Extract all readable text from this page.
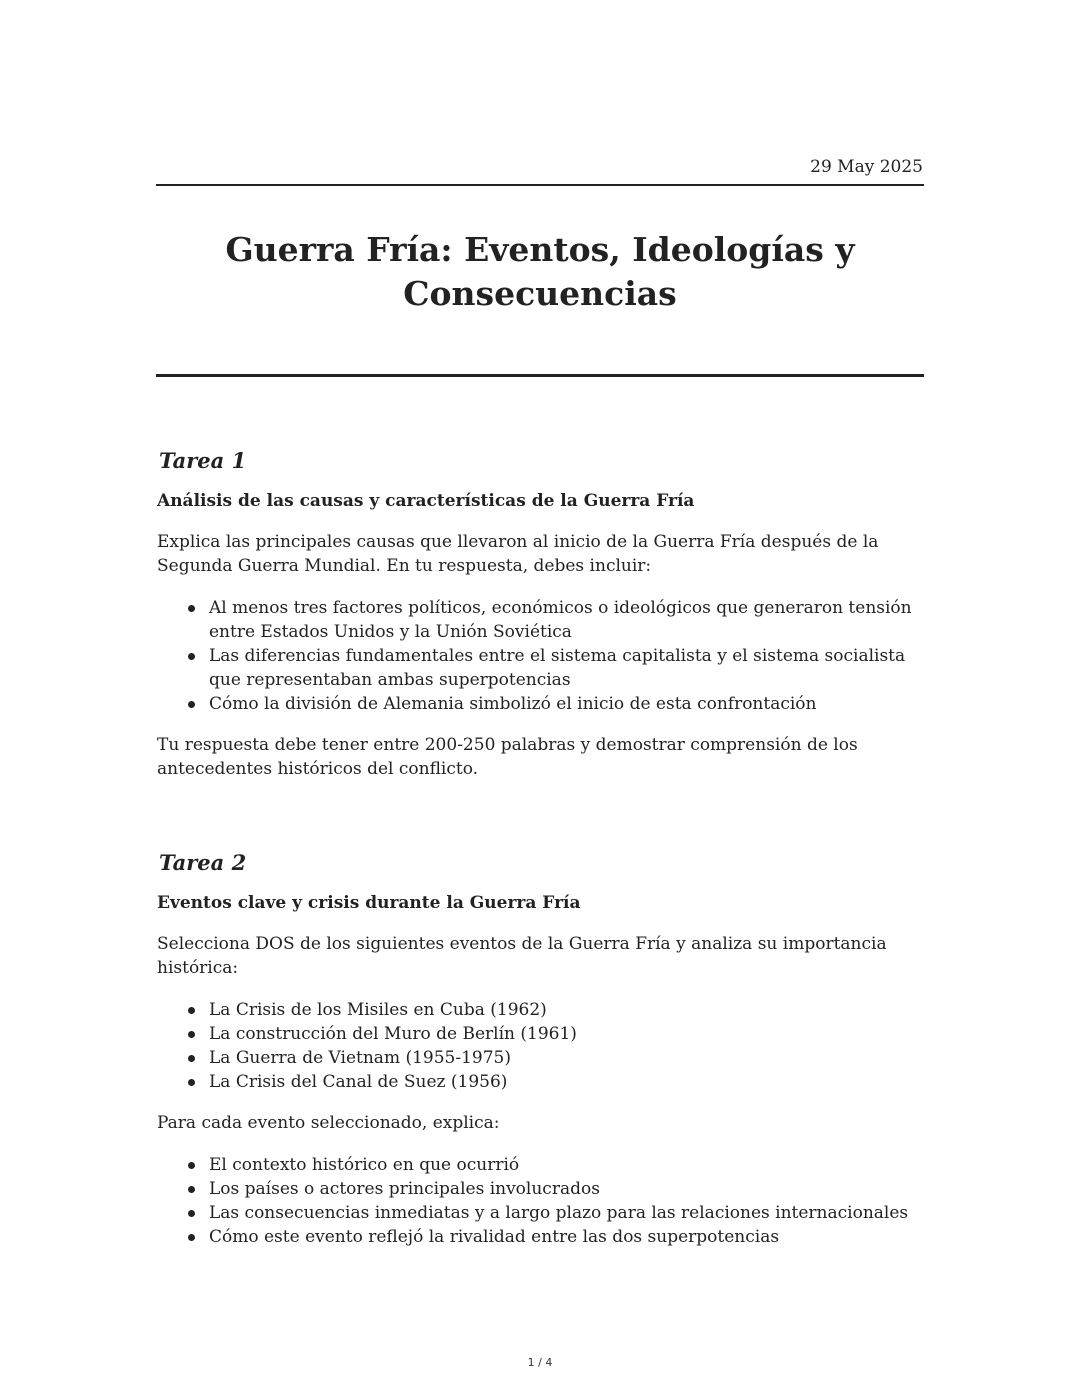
29 May 2025
Guerra Fría: Eventos, Ideologías y Consecuencias
Tarea 1
Análisis de las causas y características de la Guerra Fría

Explica las principales causas que llevaron al inicio de la Guerra Fría después de la Segunda Guerra Mundial. En tu respuesta, debes incluir:

Al menos tres factores políticos, económicos o ideológicos que generaron tensión entre Estados Unidos y la Unión Soviética
Las diferencias fundamentales entre el sistema capitalista y el sistema socialista que representaban ambas superpotencias
Cómo la división de Alemania simbolizó el inicio de esta confrontación

Tu respuesta debe tener entre 200-250 palabras y demostrar comprensión de los antecedentes históricos del conflicto.

Tarea 2
Eventos clave y crisis durante la Guerra Fría

Selecciona DOS de los siguientes eventos de la Guerra Fría y analiza su importancia histórica:

La Crisis de los Misiles en Cuba (1962)
La construcción del Muro de Berlín (1961)
La Guerra de Vietnam (1955-1975)
La Crisis del Canal de Suez (1956)

Para cada evento seleccionado, explica:

El contexto histórico en que ocurrió
Los países o actores principales involucrados
Las consecuencias inmediatas y a largo plazo para las relaciones internacionales
Cómo este evento reflejó la rivalidad entre las dos superpotencias
1 / 4
